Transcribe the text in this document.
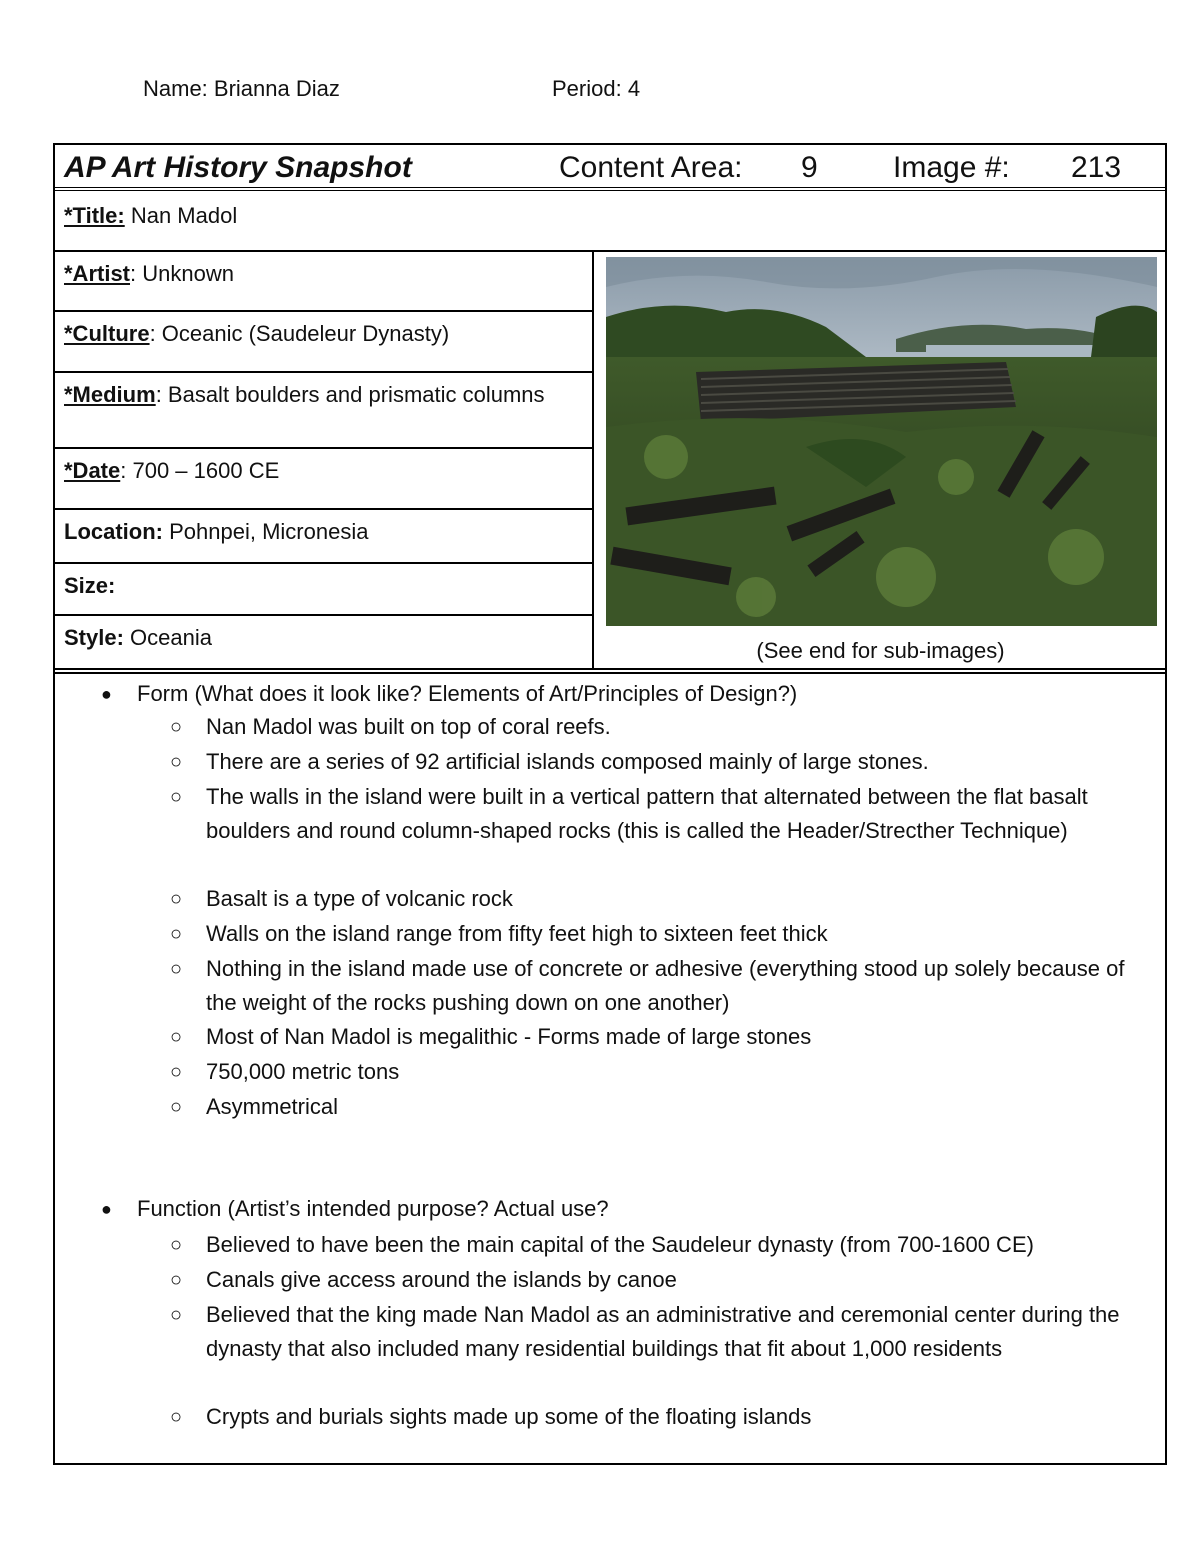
Name: Brianna Diaz	Period: 4
AP Art History Snapshot	Content Area: 9	Image #: 213
*Title: Nan Madol
*Artist: Unknown
*Culture: Oceanic (Saudeleur Dynasty)
*Medium: Basalt boulders and prismatic columns
*Date: 700 – 1600 CE
Location: Pohnpei, Micronesia
Size:
Style: Oceania
(See end for sub-images)
● Form (What does it look like? Elements of Art/Principles of Design?)
○ Nan Madol was built on top of coral reefs.
○ There are a series of 92 artificial islands composed mainly of large stones.
○ The walls in the island were built in a vertical pattern that alternated between the flat basalt boulders and round column-shaped rocks (this is called the Header/Strecther Technique)
○ Basalt is a type of volcanic rock
○ Walls on the island range from fifty feet high to sixteen feet thick
○ Nothing in the island made use of concrete or adhesive (everything stood up solely because of the weight of the rocks pushing down on one another)
○ Most of Nan Madol is megalithic - Forms made of large stones
○ 750,000 metric tons
○ Asymmetrical
● Function (Artist’s intended purpose? Actual use?
○ Believed to have been the main capital of the Saudeleur dynasty (from 700-1600 CE)
○ Canals give access around the islands by canoe
○ Believed that the king made Nan Madol as an administrative and ceremonial center during the dynasty that also included many residential buildings that fit about 1,000 residents
○ Crypts and burials sights made up some of the floating islands
